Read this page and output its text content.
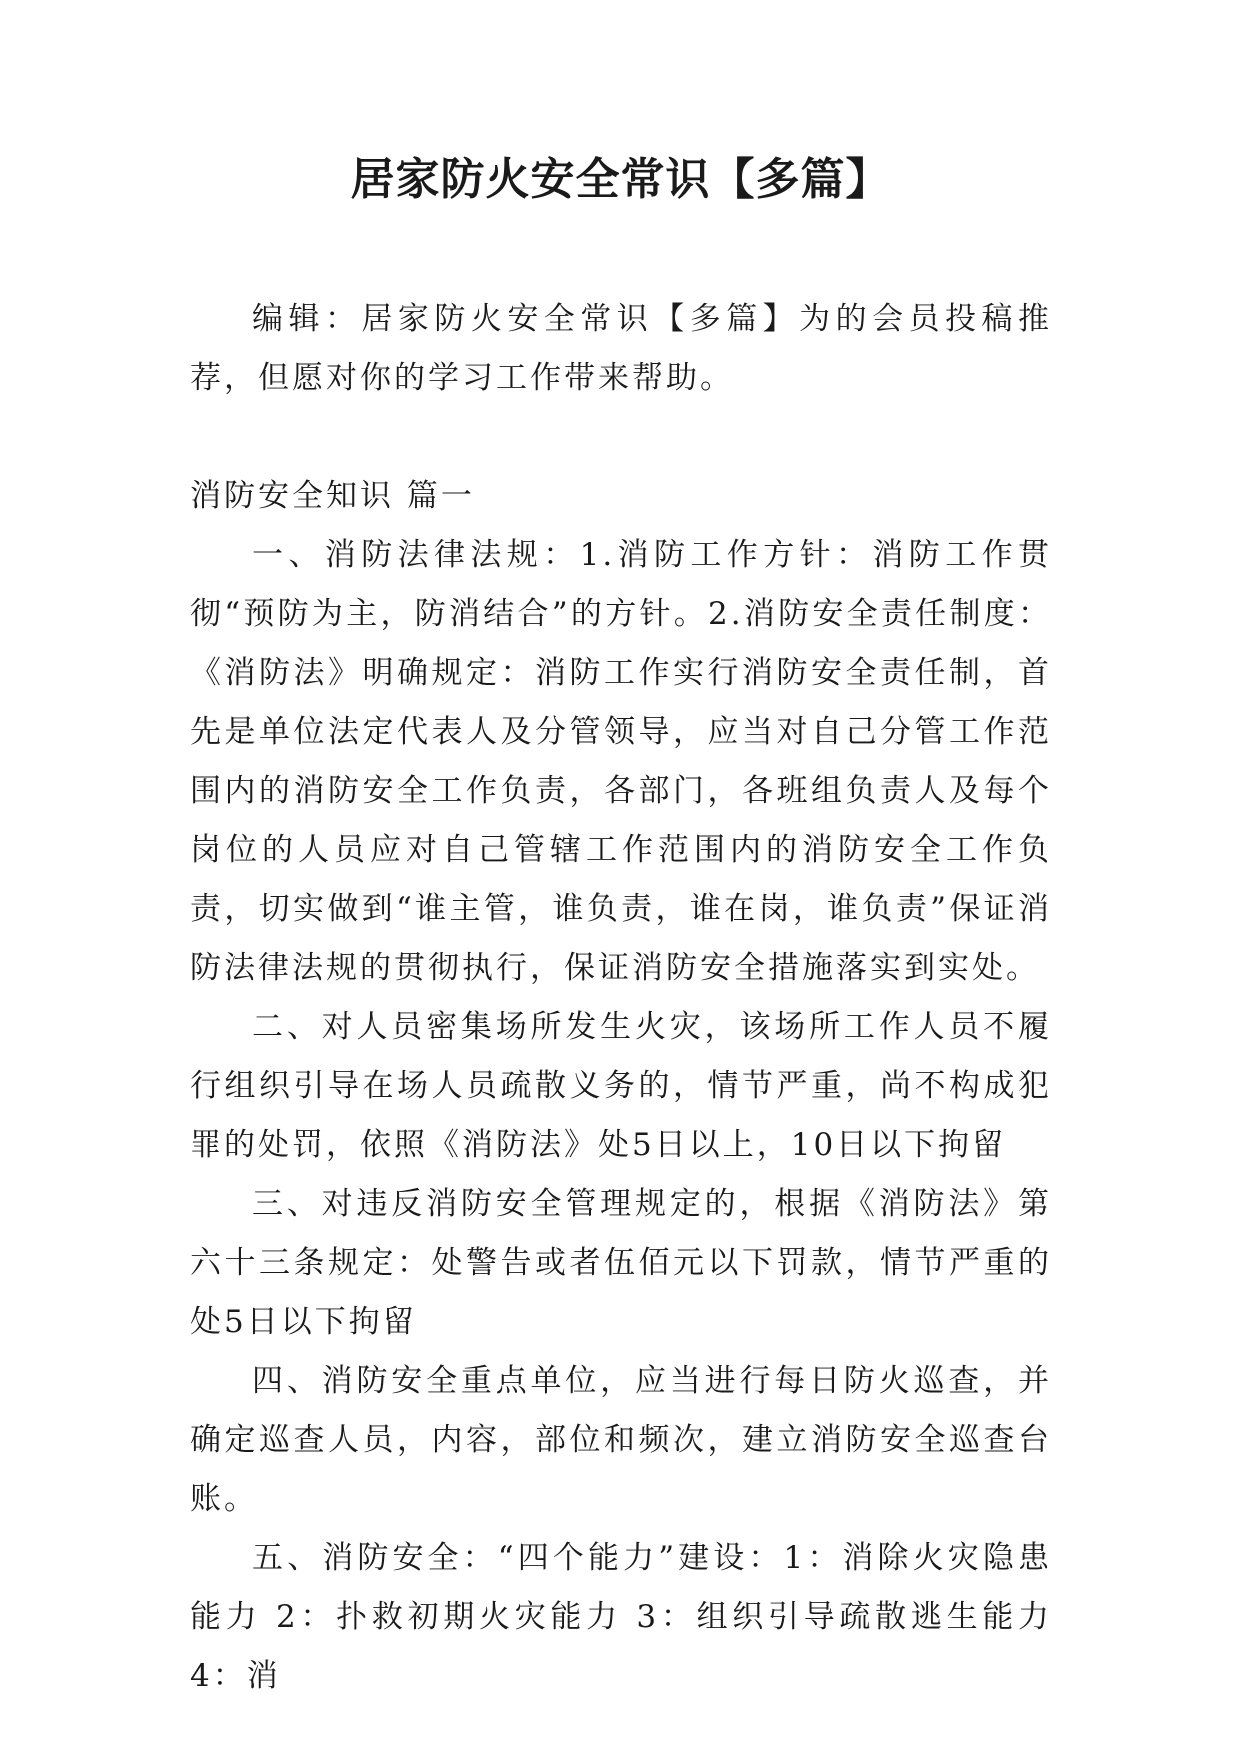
居家防火安全常识【多篇】

编辑：居家防火安全常识【多篇】为的会员投稿推荐，但愿对你的学习工作带来帮助。

消防安全知识 篇一

一、消防法律法规：1.消防工作方针：消防工作贯彻“预防为主，防消结合”的方针。2.消防安全责任制度：《消防法》明确规定：消防工作实行消防安全责任制，首先是单位法定代表人及分管领导，应当对自己分管工作范围内的消防安全工作负责，各部门，各班组负责人及每个岗位的人员应对自己管辖工作范围内的消防安全工作负责，切实做到“谁主管，谁负责，谁在岗，谁负责”保证消防法律法规的贯彻执行，保证消防安全措施落实到实处。

二、对人员密集场所发生火灾，该场所工作人员不履行组织引导在场人员疏散义务的，情节严重，尚不构成犯罪的处罚，依照《消防法》处5日以上，10日以下拘留

三、对违反消防安全管理规定的，根据《消防法》第六十三条规定：处警告或者伍佰元以下罚款，情节严重的处5日以下拘留

四、消防安全重点单位，应当进行每日防火巡查，并确定巡查人员，内容，部位和频次，建立消防安全巡查台账。

五、消防安全：“四个能力”建设：1：消除火灾隐患能力 2：扑救初期火灾能力 3：组织引导疏散逃生能力 4：消
